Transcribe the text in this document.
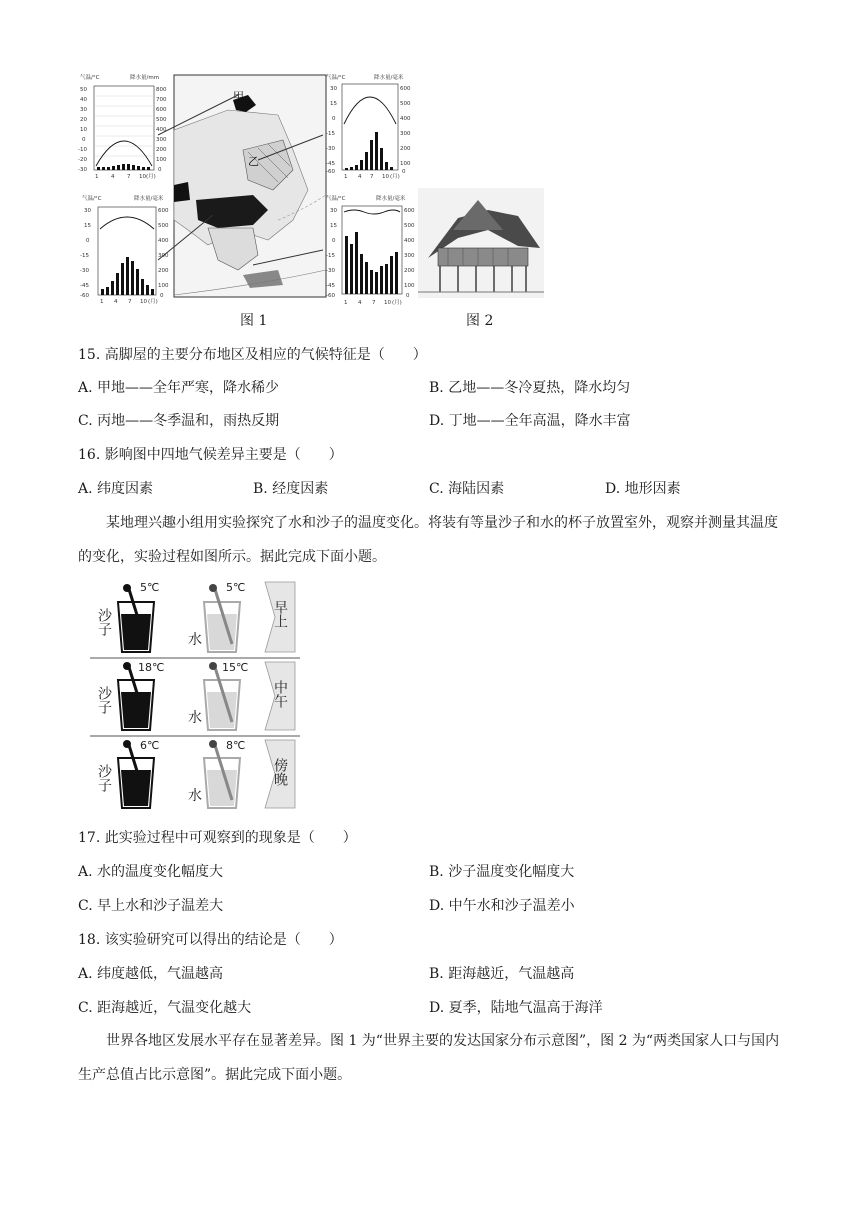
甲
乙
气温/°C	降水量/mm
50
40
30
20
10
0
-10
-20
-30
800
700
600
500
400
300
200
100
0
1 4 7 10(月)
气温/°C	降水量/毫米
30
15
0
-15
-30
-45
-60
600
500
400
300
200
100
0
1 4 7 10 (月)
气温/°C	降水量/毫米
30
15
0
-15
-30
-45
-60
600
500
400
300
200
100
0
1 4 7 10 (月)
气温/°C	降水量/毫米
30
15
0
-15
-30
-45
-60
600
500
400
300
200
100
0
1 4 7 10 (月)
图 1	图 2
15. 高脚屋的主要分布地区及相应的气候特征是（　　）
A. 甲地——全年严寒，降水稀少	B. 乙地——冬冷夏热，降水均匀
C. 丙地——冬季温和，雨热反期	D. 丁地——全年高温，降水丰富
16. 影响图中四地气候差异主要是（　　）
A. 纬度因素	B. 经度因素	C. 海陆因素	D. 地形因素
某地理兴趣小组用实验探究了水和沙子的温度变化。将装有等量沙子和水的杯子放置室外，观察并测量其温度的变化，实验过程如图所示。据此完成下面小题。
沙子
水
早上
5℃	5℃
沙子
水
中午
18℃	15℃
沙子
水
傍晚
6℃	8℃
17. 此实验过程中可观察到的现象是（　　）
A. 水的温度变化幅度大	B. 沙子温度变化幅度大
C. 早上水和沙子温差大	D. 中午水和沙子温差小
18. 该实验研究可以得出的结论是（　　）
A. 纬度越低，气温越高	B. 距海越近，气温越高
C. 距海越近，气温变化越大	D. 夏季，陆地气温高于海洋
世界各地区发展水平存在显著差异。图 1 为“世界主要的发达国家分布示意图”，图 2 为“两类国家人口与国内生产总值占比示意图”。据此完成下面小题。
